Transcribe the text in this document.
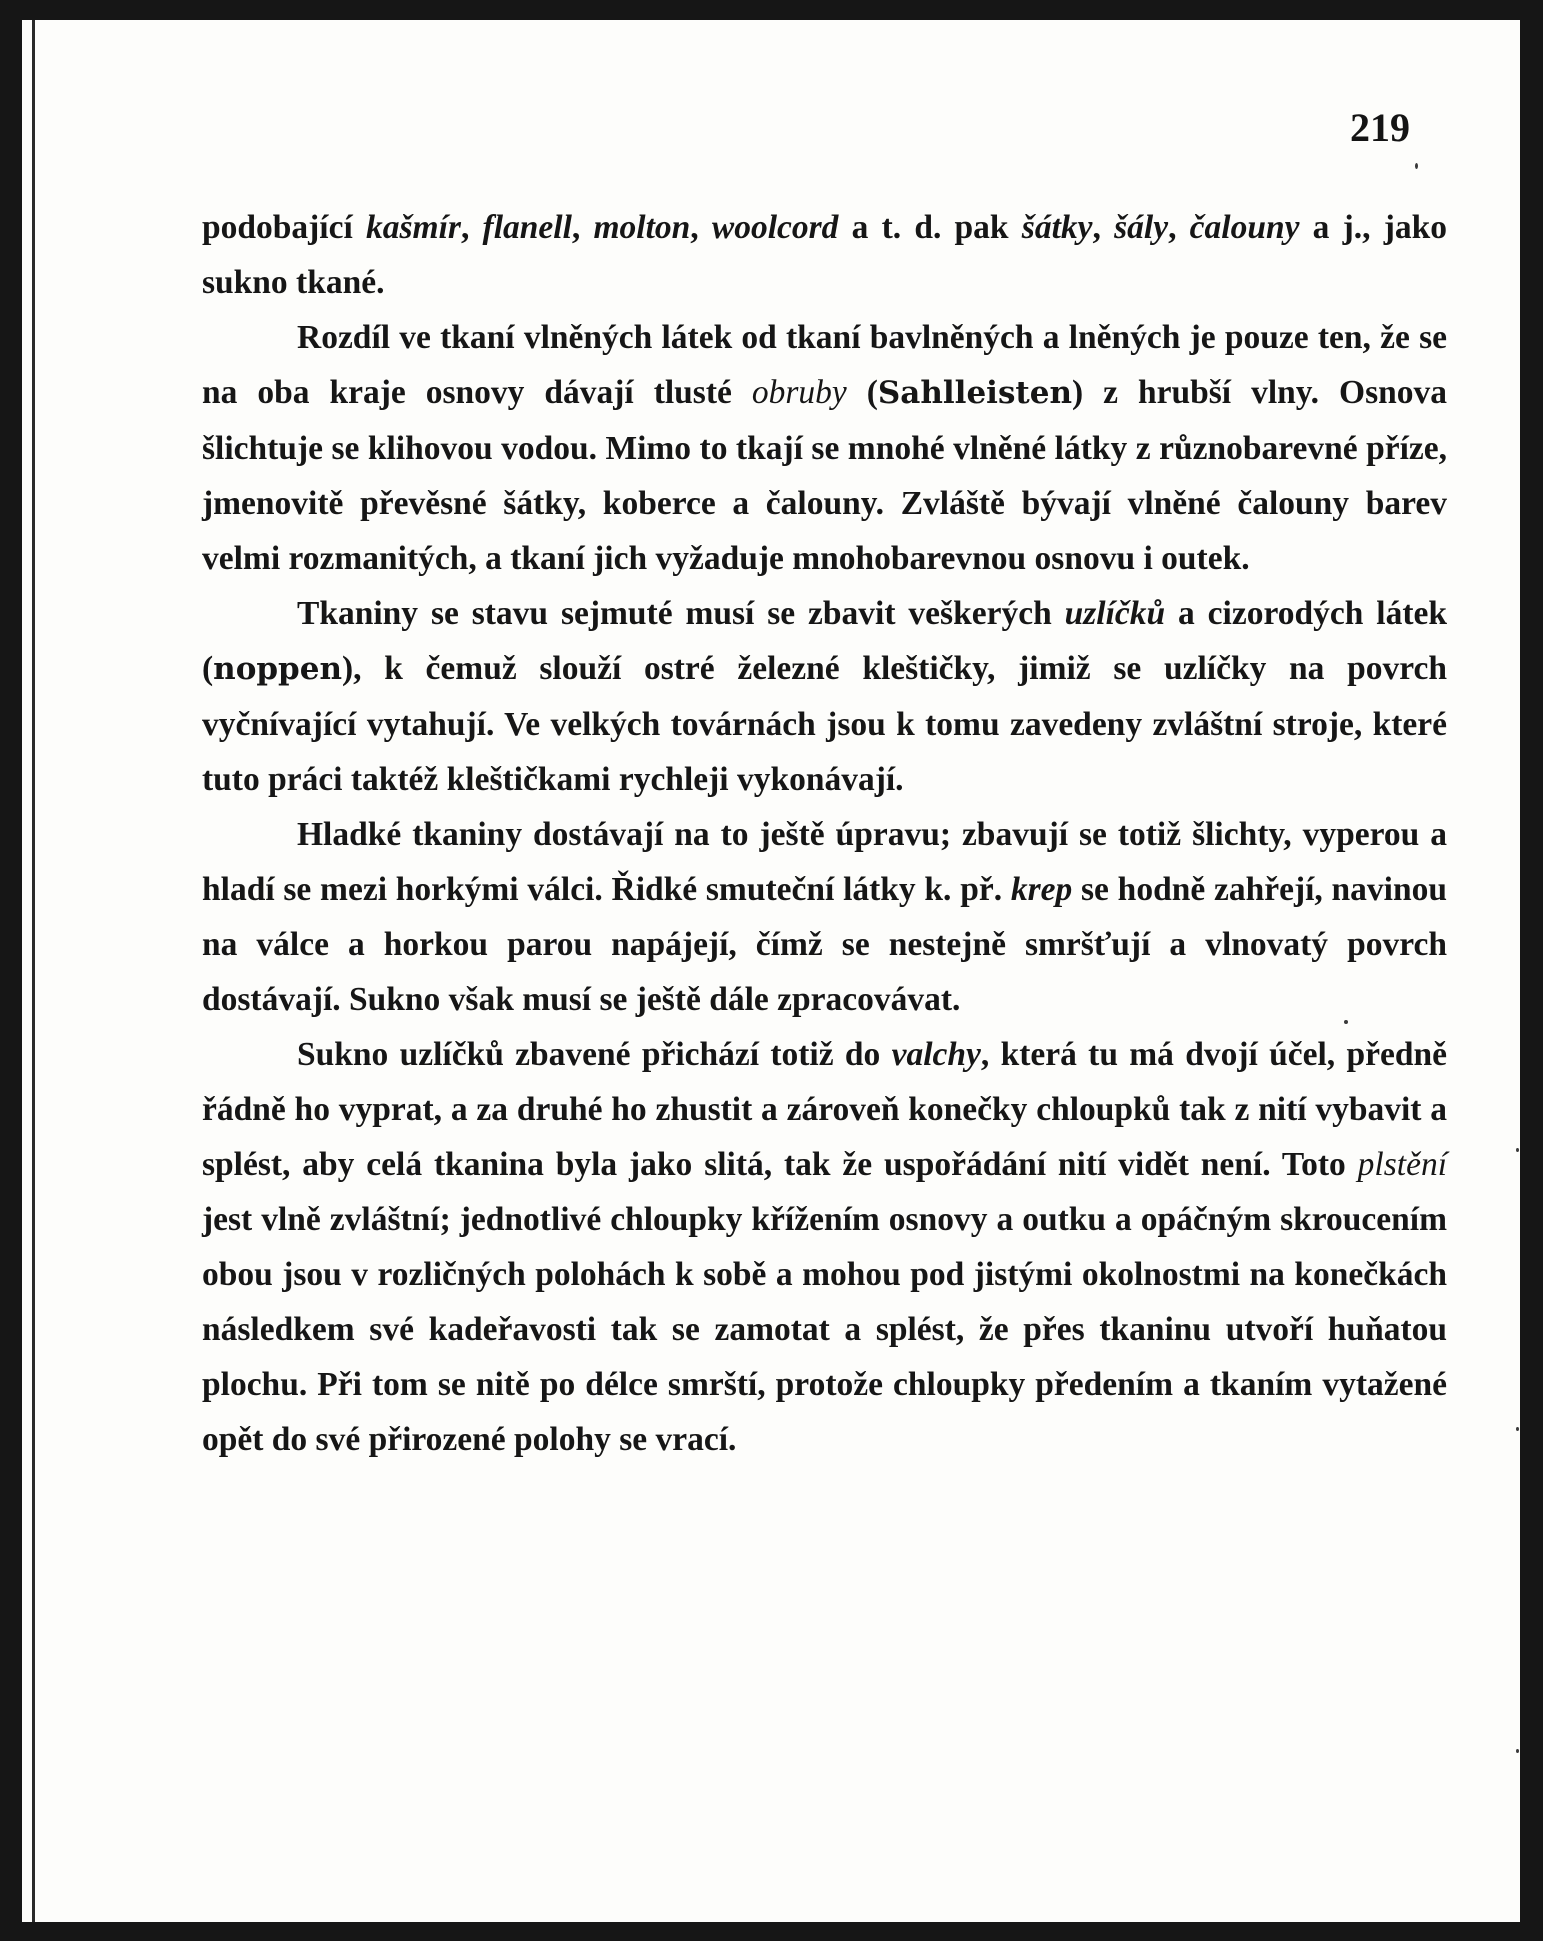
219

podobající kašmír, flanell, molton, woolcord a t. d. pak šátky, šály, čalouny a j., jako sukno tkané.

Rozdíl ve tkaní vlněných látek od tkaní bavlněných a lněných je pouze ten, že se na oba kraje osnovy dávají tlusté obruby (Sahlleisten) z hrubší vlny. Osnova šlichtuje se klihovou vodou. Mimo to tkají se mnohé vlněné látky z různobarevné příze, jmenovitě převěsné šátky, koberce a čalouny. Zvláště bývají vlněné čalouny barev velmi rozmanitých, a tkaní jich vyžaduje mnohobarevnou osnovu i outek.

Tkaniny se stavu sejmuté musí se zbavit veškerých uzlíčků a cizorodých látek (noppen), k čemuž slouží ostré železné kleštičky, jimiž se uzlíčky na povrch vyčnívající vytahují. Ve velkých továrnách jsou k tomu zavedeny zvláštní stroje, které tuto práci taktéž kleštičkami rychleji vykonávají.

Hladké tkaniny dostávají na to ještě úpravu; zbavují se totiž šlichty, vyperou a hladí se mezi horkými válci. Řidké smuteční látky k. př. krep se hodně zahřejí, navinou na válce a horkou parou napájejí, čímž se nestejně smršťují a vlnovatý povrch dostávají. Sukno však musí se ještě dále zpracovávat.

Sukno uzlíčků zbavené přichází totiž do valchy, která tu má dvojí účel, předně řádně ho vyprat, a za druhé ho zhustit a zároveň konečky chloupků tak z nití vybavit a splést, aby celá tkanina byla jako slitá, tak že uspořádání nití vidět není. Toto plstění jest vlně zvláštní; jednotlivé chloupky křížením osnovy a outku a opáčným skroucením obou jsou v rozličných polohách k sobě a mohou pod jistými okolnostmi na konečkách následkem své kadeřavosti tak se zamotat a splést, že přes tkaninu utvoří huňatou plochu. Při tom se nitě po délce smrští, protože chloupky předením a tkaním vytažené opět do své přirozené polohy se vrací.
